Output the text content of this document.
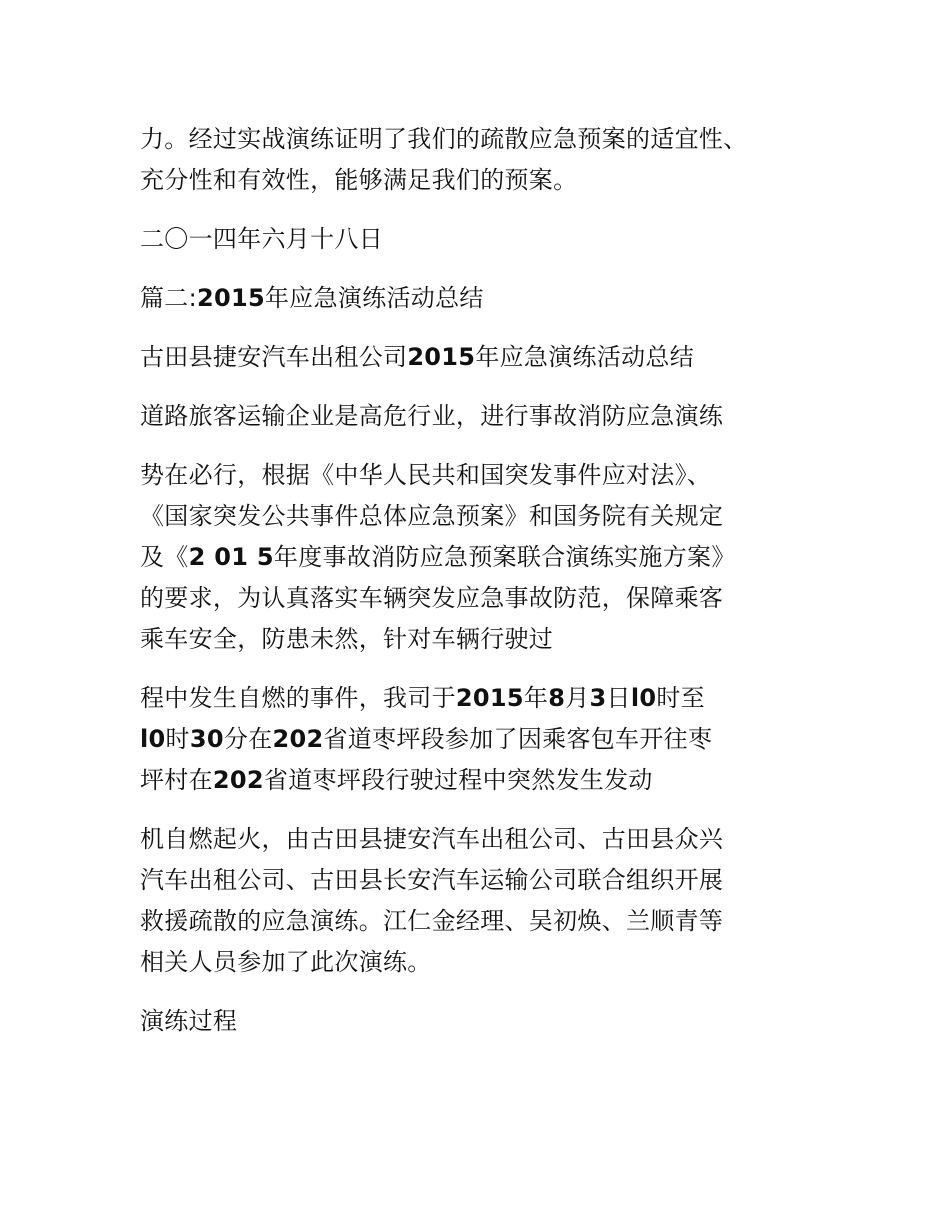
力。经过实战演练证明了我们的疏散应急预案的适宜性、
充分性和有效性，能够满足我们的预案。
二〇一四年六月十八日
篇二:2015年应急演练活动总结
古田县捷安汽车出租公司2015年应急演练活动总结
道路旅客运输企业是高危行业，进行事故消防应急演练
势在必行，根据《中华人民共和国突发事件应对法》、
《国家突发公共事件总体应急预案》和国务院有关规定
及《2 01 5年度事故消防应急预案联合演练实施方案》
的要求，为认真落实车辆突发应急事故防范，保障乘客
乘车安全，防患未然，针对车辆行驶过
程中发生自燃的事件，我司于2015年8月3日l0时至
l0时30分在202省道枣坪段参加了因乘客包车开往枣
坪村在202省道枣坪段行驶过程中突然发生发动
机自燃起火，由古田县捷安汽车出租公司、古田县众兴
汽车出租公司、古田县长安汽车运输公司联合组织开展
救援疏散的应急演练。江仁金经理、吴初焕、兰顺青等
相关人员参加了此次演练。
演练过程
